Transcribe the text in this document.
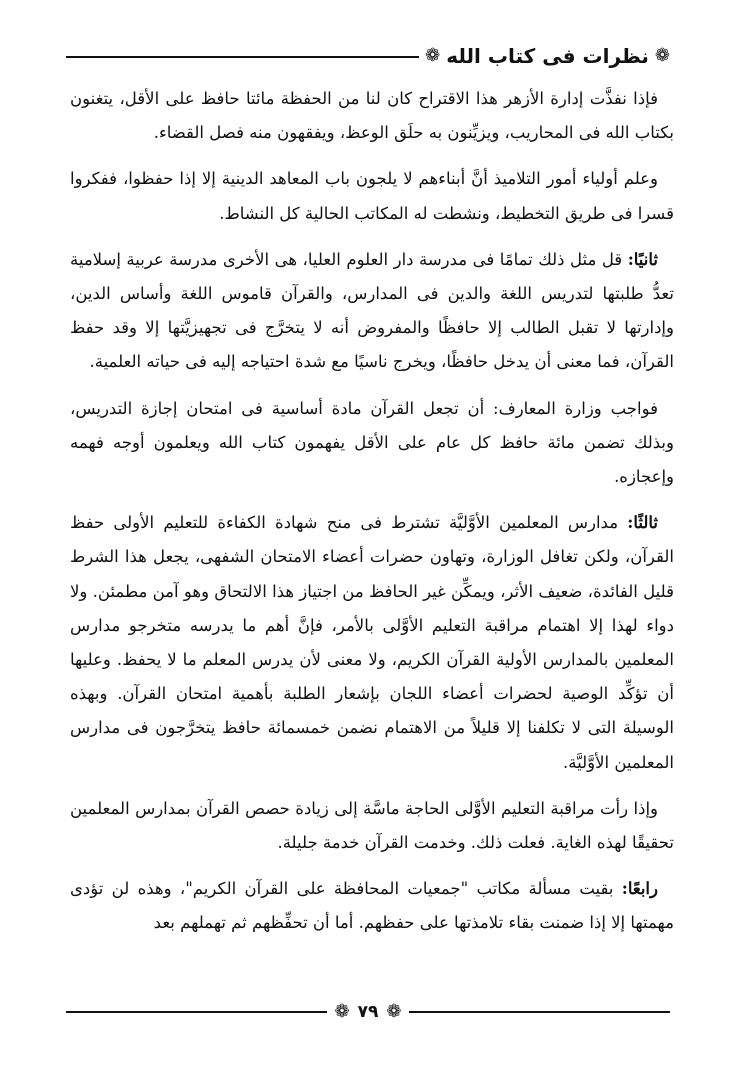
❁
نظرات فى كتاب الله
❁

فإذا نفذَّت إدارة الأزهر هذا الاقتراح كان لنا من الحفظة مائتا حافظ على الأقل، يتغنون بكتاب الله فى المحاريب، ويزيِّنون به حلَق الوعظ، ويفقهون منه فصل القضاء.

وعلم أولياء أمور التلاميذ أنَّ أبناءهم لا يلجون باب المعاهد الدينية إلا إذا حفظوا، ففكروا قسرا فى طريق التخطيط، ونشطت له المكاتب الحالية كل النشاط.

ثانيًا: قل مثل ذلك تمامًا فى مدرسة دار العلوم العليا، هى الأخرى مدرسة عربية إسلامية تعدُّ طلبتها لتدريس اللغة والدين فى المدارس، والقرآن قاموس اللغة وأساس الدين، وإدارتها لا تقبل الطالب إلا حافظًا والمفروض أنه لا يتخرَّج فى تجهيزيَّتها إلا وقد حفظ القرآن، فما معنى أن يدخل حافظًا، ويخرج ناسيًا مع شدة احتياجه إليه فى حياته العلمية.

فواجب وزارة المعارف: أن تجعل القرآن مادة أساسية فى امتحان إجازة التدريس، وبذلك تضمن مائة حافظ كل عام على الأقل يفهمون كتاب الله ويعلمون أوجه فهمه وإعجازه.

ثالثًا: مدارس المعلمين الأوَّليَّة تشترط فى منح شهادة الكفاءة للتعليم الأولى حفظ القرآن، ولكن تغافل الوزارة، وتهاون حضرات أعضاء الامتحان الشفهى، يجعل هذا الشرط قليل الفائدة، ضعيف الأثر، ويمكِّن غير الحافظ من اجتياز هذا الالتحاق وهو آمن مطمئن. ولا دواء لهذا إلا اهتمام مراقبة التعليم الأوَّلى بالأمر، فإنَّ أهم ما يدرسه متخرجو مدارس المعلمين بالمدارس الأولية القرآن الكريم، ولا معنى لأن يدرس المعلم ما لا يحفظ. وعليها أن تؤكِّد الوصية لحضرات أعضاء اللجان بإشعار الطلبة بأهمية امتحان القرآن. وبهذه الوسيلة التى لا تكلفنا إلا قليلاً من الاهتمام نضمن خمسمائة حافظ يتخرَّجون فى مدارس المعلمين الأوَّليَّة.

وإذا رأت مراقبة التعليم الأوَّلى الحاجة ماسَّة إلى زيادة حصص القرآن بمدارس المعلمين تحقيقًا لهذه الغاية. فعلت ذلك. وخدمت القرآن خدمة جليلة.

رابعًا: بقيت مسألة مكاتب "جمعيات المحافظة على القرآن الكريم"، وهذه لن تؤدى مهمتها إلا إذا ضمنت بقاء تلامذتها على حفظهم. أما أن تحفِّظهم ثم تهملهم بعد

❁
٧٩
❁
